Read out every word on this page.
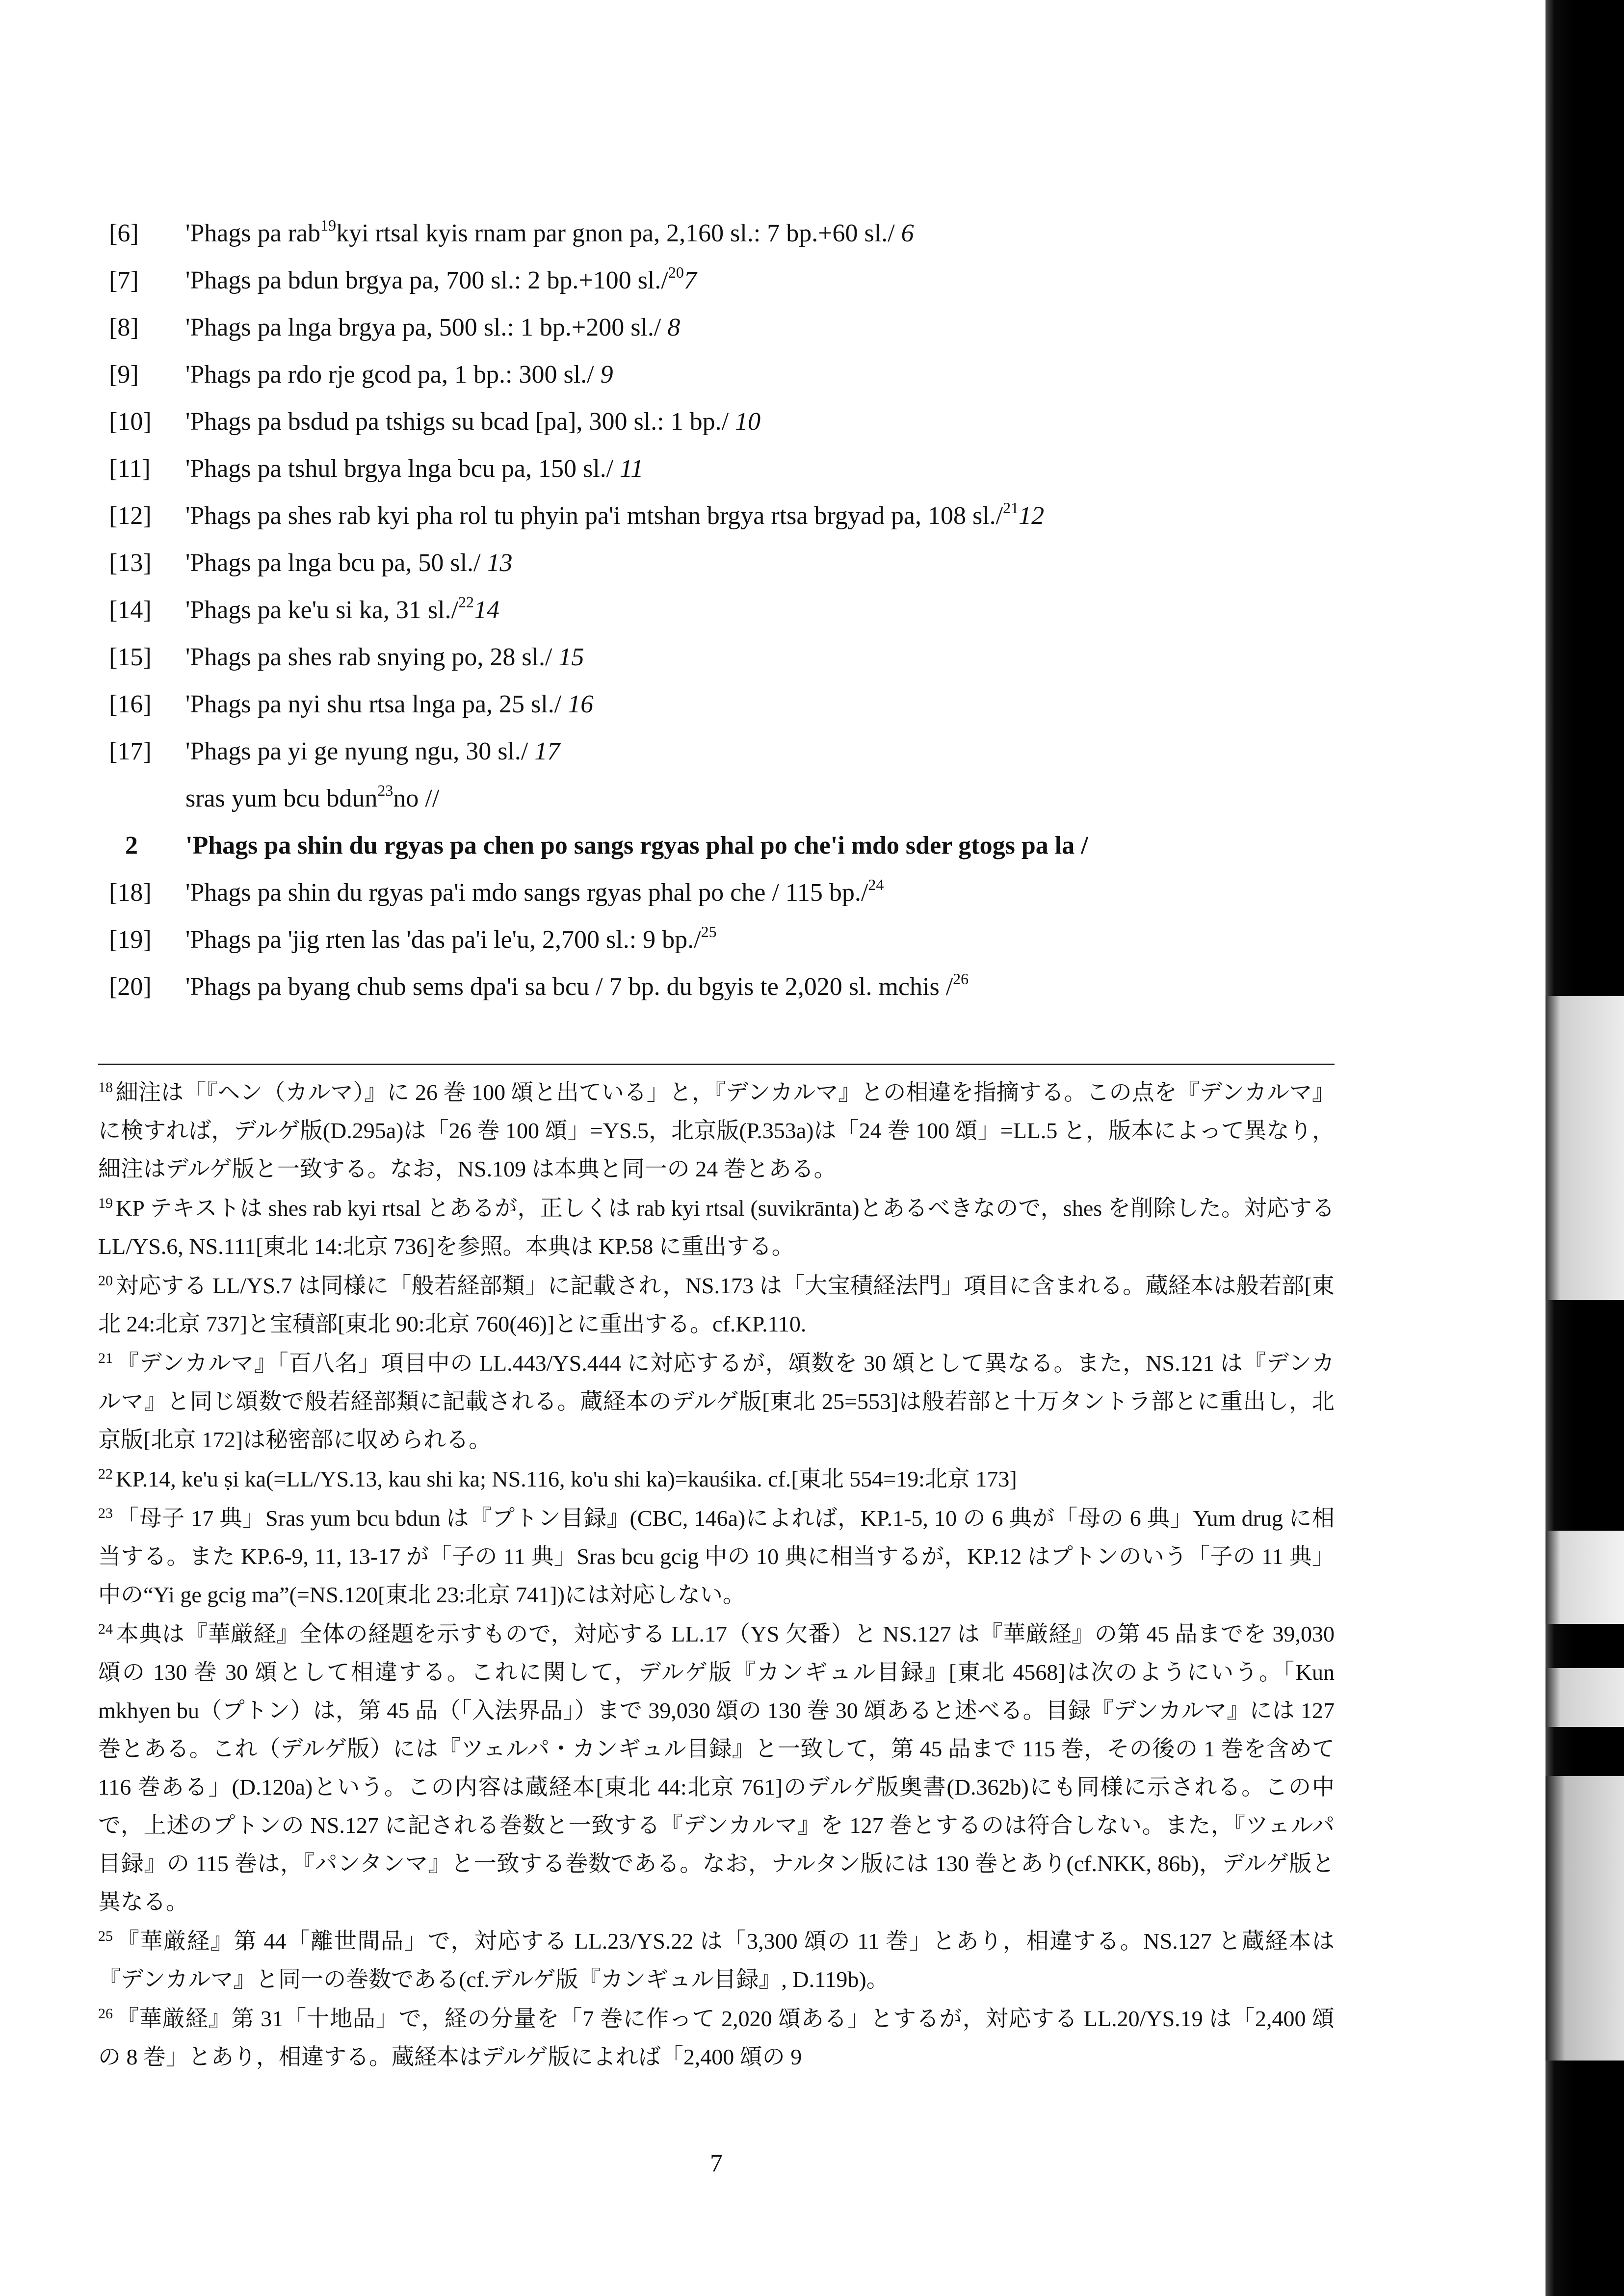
[6] 'Phags pa rab$^{19}$kyi rtsal kyis rnam par gnon pa, 2,160 sl.: 7 bp.+60 sl./ 6
[7] 'Phags pa bdun brgya pa, 700 sl.: 2 bp.+100 sl./$^{20}$7
[8] 'Phags pa lnga brgya pa, 500 sl.: 1 bp.+200 sl./ 8
[9] 'Phags pa rdo rje gcod pa, 1 bp.: 300 sl./ 9
[10] 'Phags pa bsdud pa tshigs su bcad [pa], 300 sl.: 1 bp./ 10
[11] 'Phags pa tshul brgya lnga bcu pa, 150 sl./ 11
[12] 'Phags pa shes rab kyi pha rol tu phyin pa'i mtshan brgya rtsa brgyad pa, 108 sl./$^{21}$12
[13] 'Phags pa lnga bcu pa, 50 sl./ 13
[14] 'Phags pa ke'u si ka, 31 sl./$^{22}$14
[15] 'Phags pa shes rab snying po, 28 sl./ 15
[16] 'Phags pa nyi shu rtsa lnga pa, 25 sl./ 16
[17] 'Phags pa yi ge nyung ngu, 30 sl./ 17
sras yum bcu bdun$^{23}$no //
2 'Phags pa shin du rgyas pa chen po sangs rgyas phal po che'i mdo sder gtogs pa la /
[18] 'Phags pa shin du rgyas pa'i mdo sangs rgyas phal po che / 115 bp./$^{24}$
[19] 'Phags pa 'jig rten las 'das pa'i le'u, 2,700 sl.: 9 bp./$^{25}$
[20] 'Phags pa byang chub sems dpa'i sa bcu / 7 bp. du bgyis te 2,020 sl. mchis /$^{26}$

$^{18}$ 細注は「『ヘン（カルマ）』に 26 巻 100 頌と出ている」と，『デンカルマ』との相違を指摘する。この点を『デンカルマ』に検すれば，デルゲ版(D.295a)は「26 巻 100 頌」=YS.5，北京版(P.353a)は「24 巻 100 頌」=LL.5 と，版本によって異なり，細注はデルゲ版と一致する。なお，NS.109 は本典と同一の 24 巻とある。

$^{19}$ KP テキストは shes rab kyi rtsal とあるが，正しくは rab kyi rtsal (suvikrānta)とあるべきなので，shes を削除した。対応する LL/YS.6, NS.111[東北 14:北京 736]を参照。本典は KP.58 に重出する。

$^{20}$ 対応する LL/YS.7 は同様に「般若経部類」に記載され，NS.173 は「大宝積経法門」項目に含まれる。蔵経本は般若部[東北 24:北京 737]と宝積部[東北 90:北京 760(46)]とに重出する。cf.KP.110.

$^{21}$ 『デンカルマ』「百八名」項目中の LL.443/YS.444 に対応するが，頌数を 30 頌として異なる。また，NS.121 は『デンカルマ』と同じ頌数で般若経部類に記載される。蔵経本のデルゲ版[東北 25=553]は般若部と十万タントラ部とに重出し，北京版[北京 172]は秘密部に収められる。

$^{22}$ KP.14, ke'u ṣi ka(=LL/YS.13, kau shi ka; NS.116, ko'u shi ka)=kauśika. cf.[東北 554=19:北京 173]

$^{23}$ 「母子 17 典」Sras yum bcu bdun は『プトン目録』(CBC, 146a)によれば，KP.1-5, 10 の 6 典が「母の 6 典」Yum drug に相当する。また KP.6-9, 11, 13-17 が「子の 11 典」Sras bcu gcig 中の 10 典に相当するが，KP.12 はプトンのいう「子の 11 典」中の“Yi ge gcig ma”(=NS.120[東北 23:北京 741])には対応しない。

$^{24}$ 本典は『華厳経』全体の経題を示すもので，対応する LL.17（YS 欠番）と NS.127 は『華厳経』の第 45 品までを 39,030 頌の 130 巻 30 頌として相違する。これに関して，デルゲ版『カンギュル目録』[東北 4568]は次のようにいう。「Kun mkhyen bu（プトン）は，第 45 品（「入法界品」）まで 39,030 頌の 130 巻 30 頌あると述べる。目録『デンカルマ』には 127 巻とある。これ（デルゲ版）には『ツェルパ・カンギュル目録』と一致して，第 45 品まで 115 巻，その後の 1 巻を含めて 116 巻ある」(D.120a)という。この内容は蔵経本[東北 44:北京 761]のデルゲ版奥書(D.362b)にも同様に示される。この中で，上述のプトンの NS.127 に記される巻数と一致する『デンカルマ』を 127 巻とするのは符合しない。また，『ツェルパ目録』の 115 巻は，『パンタンマ』と一致する巻数である。なお，ナルタン版には 130 巻とあり(cf.NKK, 86b)，デルゲ版と異なる。

$^{25}$ 『華厳経』第 44「離世間品」で，対応する LL.23/YS.22 は「3,300 頌の 11 巻」とあり，相違する。NS.127 と蔵経本は『デンカルマ』と同一の巻数である(cf.デルゲ版『カンギュル目録』, D.119b)。

$^{26}$ 『華厳経』第 31「十地品」で，経の分量を「7 巻に作って 2,020 頌ある」とするが，対応する LL.20/YS.19 は「2,400 頌の 8 巻」とあり，相違する。蔵経本はデルゲ版によれば「2,400 頌の 9

7
